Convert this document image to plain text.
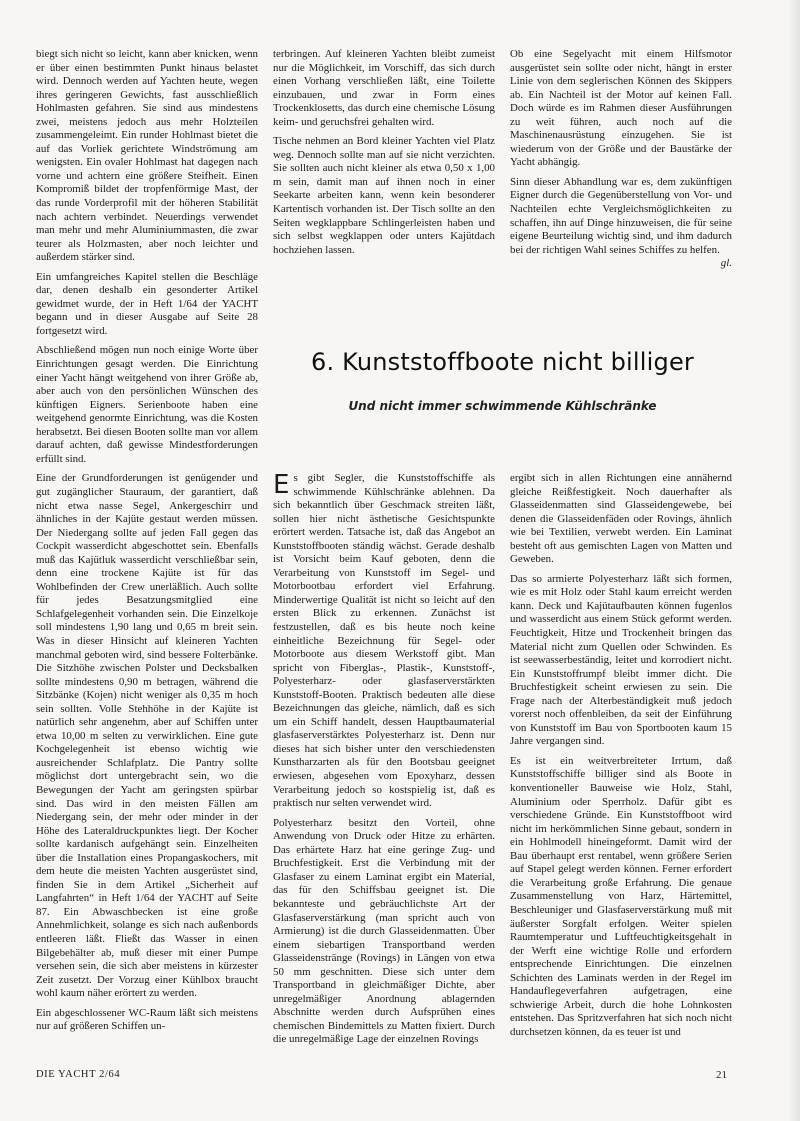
biegt sich nicht so leicht, kann aber knicken, wenn er über einen bestimmten Punkt hinaus belastet wird. Dennoch werden auf Yachten heute, wegen ihres geringeren Gewichts, fast ausschließlich Hohlmasten gefahren. Sie sind aus mindestens zwei, meistens jedoch aus mehr Holzteilen zusammengeleimt. Ein runder Hohlmast bietet die auf das Vorliek gerichtete Windströmung am wenigsten. Ein ovaler Hohlmast hat dagegen nach vorne und achtern eine größere Steifheit. Einen Kompromiß bildet der tropfenförmige Mast, der das runde Vorderprofil mit der höheren Stabilität nach achtern verbindet. Neuerdings verwendet man mehr und mehr Aluminiummasten, die zwar teurer als Holzmasten, aber noch leichter und außerdem stärker sind.

Ein umfangreiches Kapitel stellen die Beschläge dar, denen deshalb ein gesonderter Artikel gewidmet wurde, der in Heft 1/64 der YACHT begann und in dieser Ausgabe auf Seite 28 fortgesetzt wird.

Abschließend mögen nun noch einige Worte über Einrichtungen gesagt werden. Die Einrichtung einer Yacht hängt weitgehend von ihrer Größe ab, aber auch von den persönlichen Wünschen des künftigen Eigners. Serienboote haben eine weitgehend genormte Einrichtung, was die Kosten herabsetzt. Bei diesen Booten sollte man vor allem darauf achten, daß gewisse Mindestforderungen erfüllt sind.

Eine der Grundforderungen ist genügender und gut zugänglicher Stauraum, der garantiert, daß nicht etwa nasse Segel, Ankergeschirr und ähnliches in der Kajüte gestaut werden müssen. Der Niedergang sollte auf jeden Fall gegen das Cockpit wasserdicht abgeschottet sein. Ebenfalls muß das Kajütluk wasserdicht verschließbar sein, denn eine trockene Kajüte ist für das Wohlbefinden der Crew unerläßlich. Auch sollte für jedes Besatzungsmitglied eine Schlafgelegenheit vorhanden sein. Die Einzelkoje soll mindestens 1,90 lang und 0,65 m breit sein. Was in dieser Hinsicht auf kleineren Yachten manchmal geboten wird, sind bessere Folterbänke. Die Sitzhöhe zwischen Polster und Decksbalken sollte mindestens 0,90 m betragen, während die Sitzbänke (Kojen) nicht weniger als 0,35 m hoch sein sollten. Volle Stehhöhe in der Kajüte ist natürlich sehr angenehm, aber auf Schiffen unter etwa 10,00 m selten zu verwirklichen. Eine gute Kochgelegenheit ist ebenso wichtig wie ausreichender Schlafplatz. Die Pantry sollte möglichst dort untergebracht sein, wo die Bewegungen der Yacht am geringsten spürbar sind. Das wird in den meisten Fällen am Niedergang sein, der mehr oder minder in der Höhe des Lateraldruckpunktes liegt. Der Kocher sollte kardanisch aufgehängt sein. Einzelheiten über die Installation eines Propangaskochers, mit dem heute die meisten Yachten ausgerüstet sind, finden Sie in dem Artikel „Sicherheit auf Langfahrten“ in Heft 1/64 der YACHT auf Seite 87. Ein Abwaschbecken ist eine große Annehmlichkeit, solange es sich nach außenbords entleeren läßt. Fließt das Wasser in einen Bilgebehälter ab, muß dieser mit einer Pumpe versehen sein, die sich aber meistens in kürzester Zeit zusetzt. Der Vorzug einer Kühlbox braucht wohl kaum näher erörtert zu werden.

Ein abgeschlossener WC-Raum läßt sich meistens nur auf größeren Schiffen un-

terbringen. Auf kleineren Yachten bleibt zumeist nur die Möglichkeit, im Vorschiff, das sich durch einen Vorhang verschließen läßt, eine Toilette einzubauen, und zwar in Form eines Trockenklosetts, das durch eine chemische Lösung keim- und geruchsfrei gehalten wird.

Tische nehmen an Bord kleiner Yachten viel Platz weg. Dennoch sollte man auf sie nicht verzichten. Sie sollten auch nicht kleiner als etwa 0,50 x 1,00 m sein, damit man auf ihnen noch in einer Seekarte arbeiten kann, wenn kein besonderer Kartentisch vorhanden ist. Der Tisch sollte an den Seiten wegklappbare Schlingerleisten haben und sich selbst wegklappen oder unters Kajütdach hochziehen lassen.

Ob eine Segelyacht mit einem Hilfsmotor ausgerüstet sein sollte oder nicht, hängt in erster Linie von dem seglerischen Können des Skippers ab. Ein Nachteil ist der Motor auf keinen Fall. Doch würde es im Rahmen dieser Ausführungen zu weit führen, auch noch auf die Maschinenausrüstung einzugehen. Sie ist wiederum von der Größe und der Baustärke der Yacht abhängig.

Sinn dieser Abhandlung war es, dem zukünftigen Eigner durch die Gegenüberstellung von Vor- und Nachteilen echte Vergleichsmöglichkeiten zu schaffen, ihn auf Dinge hinzuweisen, die für seine eigene Beurteilung wichtig sind, und ihm dadurch bei der richtigen Wahl seines Schiffes zu helfen.
gl.

6. Kunststoffboote nicht billiger
Und nicht immer schwimmende Kühlschränke

Es gibt Segler, die Kunststoffschiffe als schwimmende Kühlschränke ablehnen. Da sich bekanntlich über Geschmack streiten läßt, sollen hier nicht ästhetische Gesichtspunkte erörtert werden. Tatsache ist, daß das Angebot an Kunststoffbooten ständig wächst. Gerade deshalb ist Vorsicht beim Kauf geboten, denn die Verarbeitung von Kunststoff im Segel- und Motorbootbau erfordert viel Erfahrung. Minderwertige Qualität ist nicht so leicht auf den ersten Blick zu erkennen. Zunächst ist festzustellen, daß es bis heute noch keine einheitliche Bezeichnung für Segel- oder Motorboote aus diesem Werkstoff gibt. Man spricht von Fiberglas-, Plastik-, Kunststoff-, Polyesterharz- oder glasfaserverstärkten Kunststoff-Booten. Praktisch bedeuten alle diese Bezeichnungen das gleiche, nämlich, daß es sich um ein Schiff handelt, dessen Hauptbaumaterial glasfaserverstärktes Polyesterharz ist. Denn nur dieses hat sich bisher unter den verschiedensten Kunstharzarten als für den Bootsbau geeignet erwiesen, abgesehen vom Epoxyharz, dessen Verarbeitung jedoch so kostspielig ist, daß es praktisch nur selten verwendet wird.

Polyesterharz besitzt den Vorteil, ohne Anwendung von Druck oder Hitze zu erhärten. Das erhärtete Harz hat eine geringe Zug- und Bruchfestigkeit. Erst die Verbindung mit der Glasfaser zu einem Laminat ergibt ein Material, das für den Schiffsbau geeignet ist. Die bekannteste und gebräuchlichste Art der Glasfaserverstärkung (man spricht auch von Armierung) ist die durch Glasseidenmatten. Über einem siebartigen Transportband werden Glasseidenstränge (Rovings) in Längen von etwa 50 mm geschnitten. Diese sich unter dem Transportband in gleichmäßiger Dichte, aber unregelmäßiger Anordnung ablagernden Abschnitte werden durch Aufsprühen eines chemischen Bindemittels zu Matten fixiert. Durch die unregelmäßige Lage der einzelnen Rovings

ergibt sich in allen Richtungen eine annähernd gleiche Reißfestigkeit. Noch dauerhafter als Glasseidenmatten sind Glasseidengewebe, bei denen die Glasseidenfäden oder Rovings, ähnlich wie bei Textilien, verwebt werden. Ein Laminat besteht oft aus gemischten Lagen von Matten und Geweben.

Das so armierte Polyesterharz läßt sich formen, wie es mit Holz oder Stahl kaum erreicht werden kann. Deck und Kajütaufbauten können fugenlos und wasserdicht aus einem Stück geformt werden. Feuchtigkeit, Hitze und Trockenheit bringen das Material nicht zum Quellen oder Schwinden. Es ist seewasserbeständig, leitet und korrodiert nicht. Ein Kunststoffrumpf bleibt immer dicht. Die Bruchfestigkeit scheint erwiesen zu sein. Die Frage nach der Alterbeständigkeit muß jedoch vorerst noch offenbleiben, da seit der Einführung von Kunststoff im Bau von Sportbooten kaum 15 Jahre vergangen sind.

Es ist ein weitverbreiteter Irrtum, daß Kunststoffschiffe billiger sind als Boote in konventioneller Bauweise wie Holz, Stahl, Aluminium oder Sperrholz. Dafür gibt es verschiedene Gründe. Ein Kunststoffboot wird nicht im herkömmlichen Sinne gebaut, sondern in ein Hohlmodell hineingeformt. Damit wird der Bau überhaupt erst rentabel, wenn größere Serien auf Stapel gelegt werden können. Ferner erfordert die Verarbeitung große Erfahrung. Die genaue Zusammenstellung von Harz, Härtemittel, Beschleuniger und Glasfaserverstärkung muß mit äußerster Sorgfalt erfolgen. Weiter spielen Raumtemperatur und Luftfeuchtigkeitsgehalt in der Werft eine wichtige Rolle und erfordern entsprechende Einrichtungen. Die einzelnen Schichten des Laminats werden in der Regel im Handauflegeverfahren aufgetragen, eine schwierige Arbeit, durch die hohe Lohnkosten entstehen. Das Spritzverfahren hat sich noch nicht durchsetzen können, da es teuer ist und

DIE YACHT 2/64	21
